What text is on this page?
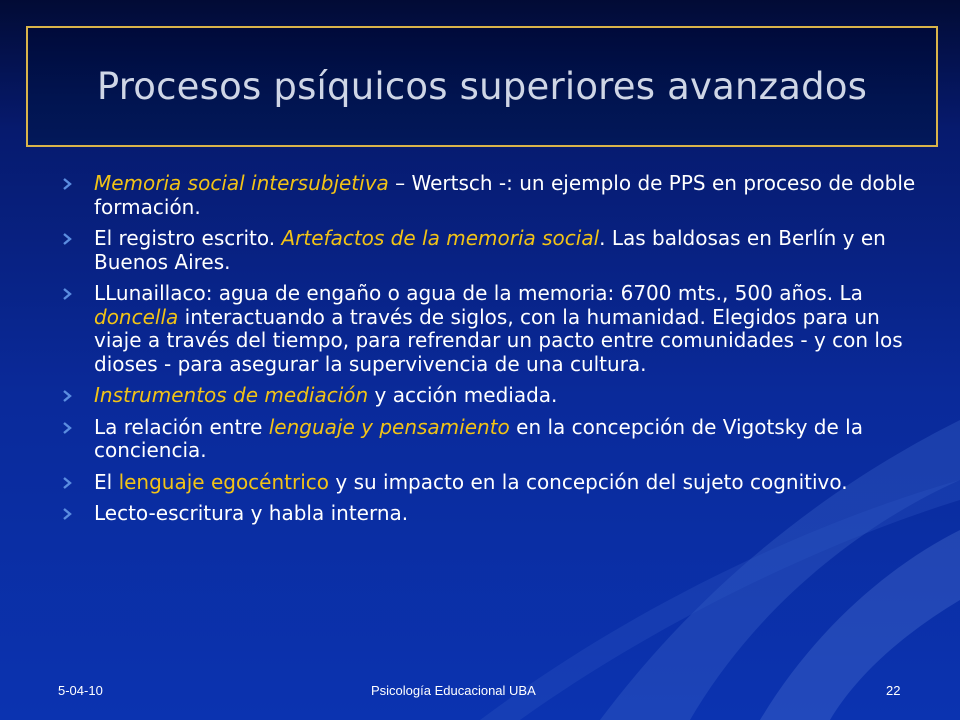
Procesos psíquicos superiores avanzados
Memoria social intersubjetiva – Wertsch -: un ejemplo de PPS en proceso de doble formación.
El registro escrito. Artefactos de la memoria social. Las baldosas en Berlín y en Buenos Aires.
LLunaillaco: agua de engaño o agua de la memoria: 6700 mts., 500 años. La doncella interactuando a través de siglos, con la humanidad. Elegidos para un viaje a través del tiempo, para refrendar un pacto entre comunidades - y con los dioses - para asegurar la supervivencia de una cultura.
Instrumentos de mediación y acción mediada.
La relación entre lenguaje y pensamiento en la concepción de Vigotsky de la conciencia.
El lenguaje egocéntrico y su impacto en la concepción del sujeto cognitivo.
Lecto-escritura y habla interna.
5-04-10	Psicología Educacional UBA	22
